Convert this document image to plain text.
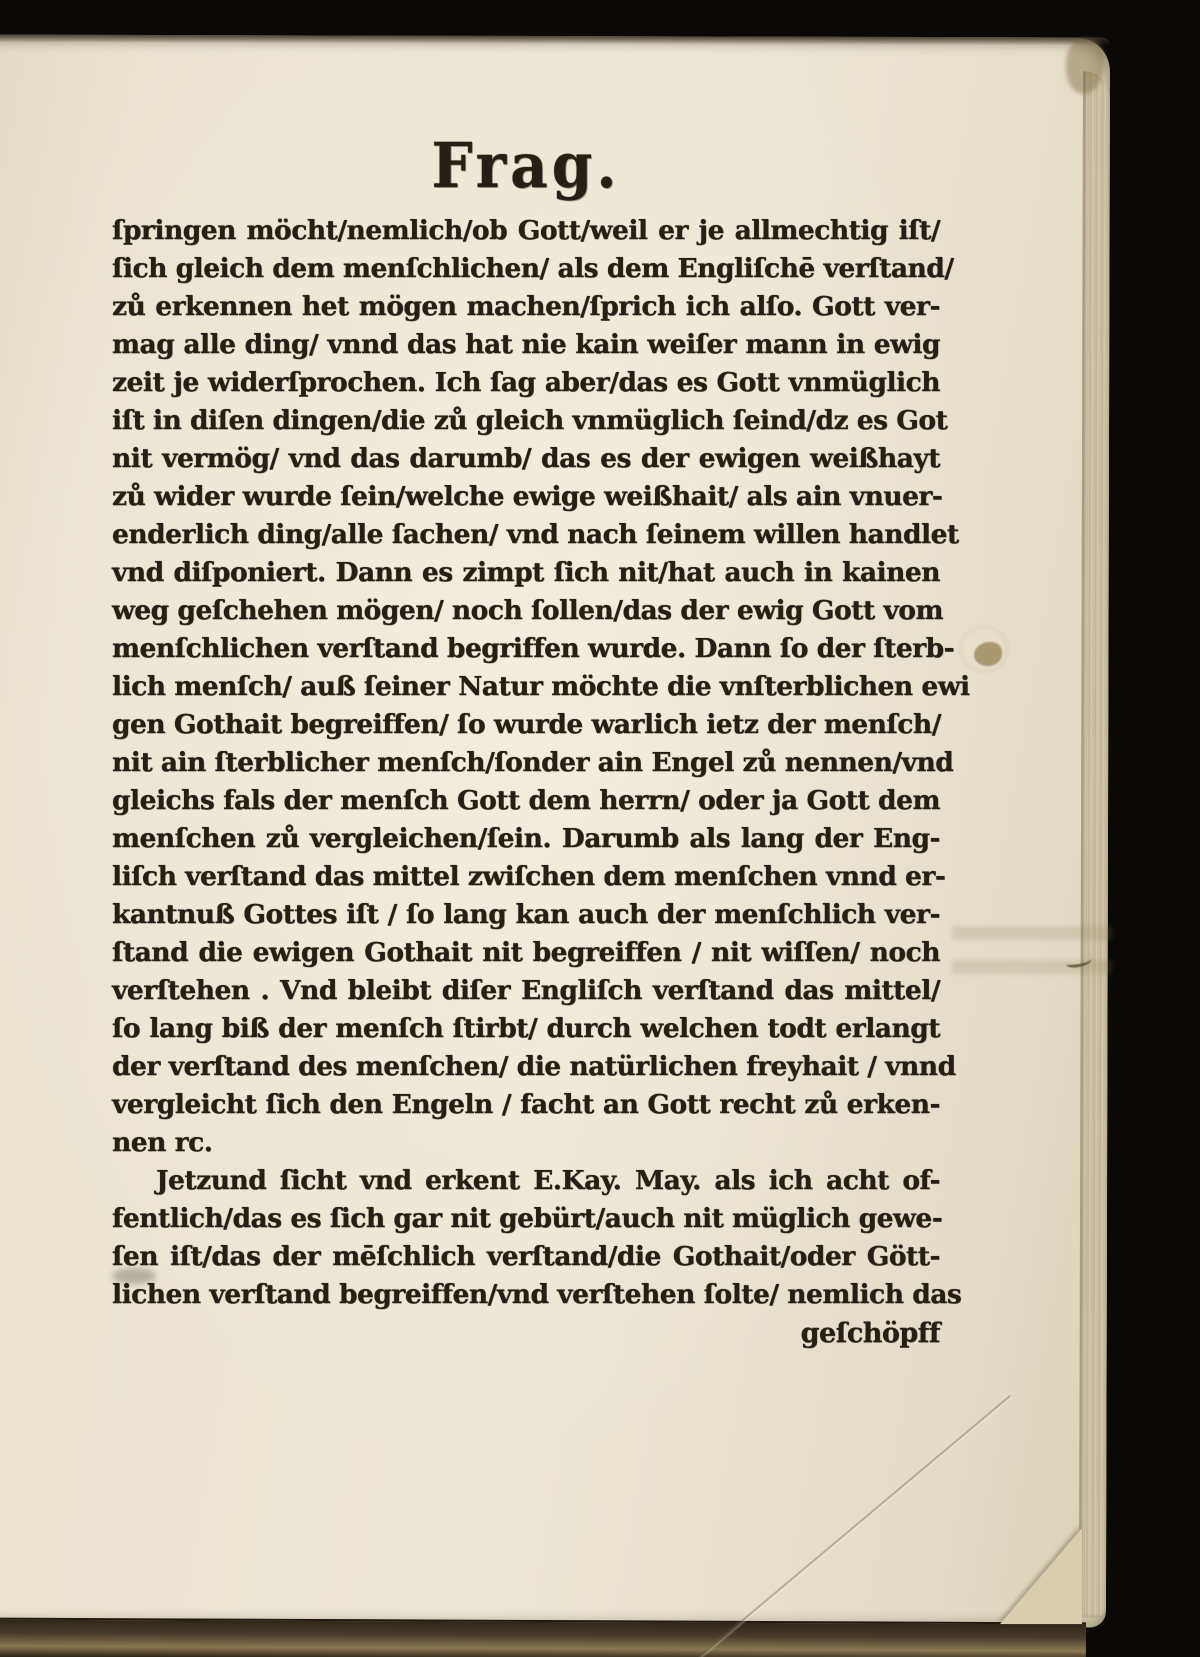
Frag.
ſpringen möcht/nemlich/ob Gott/weil er je allmechtig iſt/
ſich gleich dem menſchlichen/ als dem Engliſchē verſtand/
zů erkennen het mögen machen/ſprich ich alſo. Gott ver-
mag alle ding/ vnnd das hat nie kain weiſer mann in ewig
zeit je widerſprochen. Ich ſag aber/das es Gott vnmüglich
iſt in diſen dingen/die zů gleich vnmüglich ſeind/dz es Got
nit vermög/ vnd das darumb/ das es der ewigen weißhayt
zů wider wurde ſein/welche ewige weißhait/ als ain vnuer-
enderlich ding/alle ſachen/ vnd nach ſeinem willen handlet
vnd diſponiert. Dann es zimpt ſich nit/hat auch in kainen
weg geſchehen mögen/ noch ſollen/das der ewig Gott vom
menſchlichen verſtand begriffen wurde. Dann ſo der ſterb-
lich menſch/ auß ſeiner Natur möchte die vnſterblichen ewi
gen Gothait begreiffen/ ſo wurde warlich ietz der menſch/
nit ain ſterblicher menſch/ſonder ain Engel zů nennen/vnd
gleichs fals der menſch Gott dem herrn/ oder ja Gott dem
menſchen zů vergleichen/ſein. Darumb als lang der Eng-
liſch verſtand das mittel zwiſchen dem menſchen vnnd er-
kantnuß Gottes iſt / ſo lang kan auch der menſchlich ver-
ſtand die ewigen Gothait nit begreiffen / nit wiſſen/ noch
verſtehen . Vnd bleibt diſer Engliſch verſtand das mittel/
ſo lang biß der menſch ſtirbt/ durch welchen todt erlangt
der verſtand des menſchen/ die natürlichen freyhait / vnnd
vergleicht ſich den Engeln / facht an Gott recht zů erken-
nen rc.
Jetzund ſicht vnd erkent E.Kay. May. als ich acht of-
fentlich/das es ſich gar nit gebürt/auch nit müglich gewe-
ſen iſt/das der mēſchlich verſtand/die Gothait/oder Gött-
lichen verſtand begreiffen/vnd verſtehen ſolte/ nemlich das
geſchöpff
